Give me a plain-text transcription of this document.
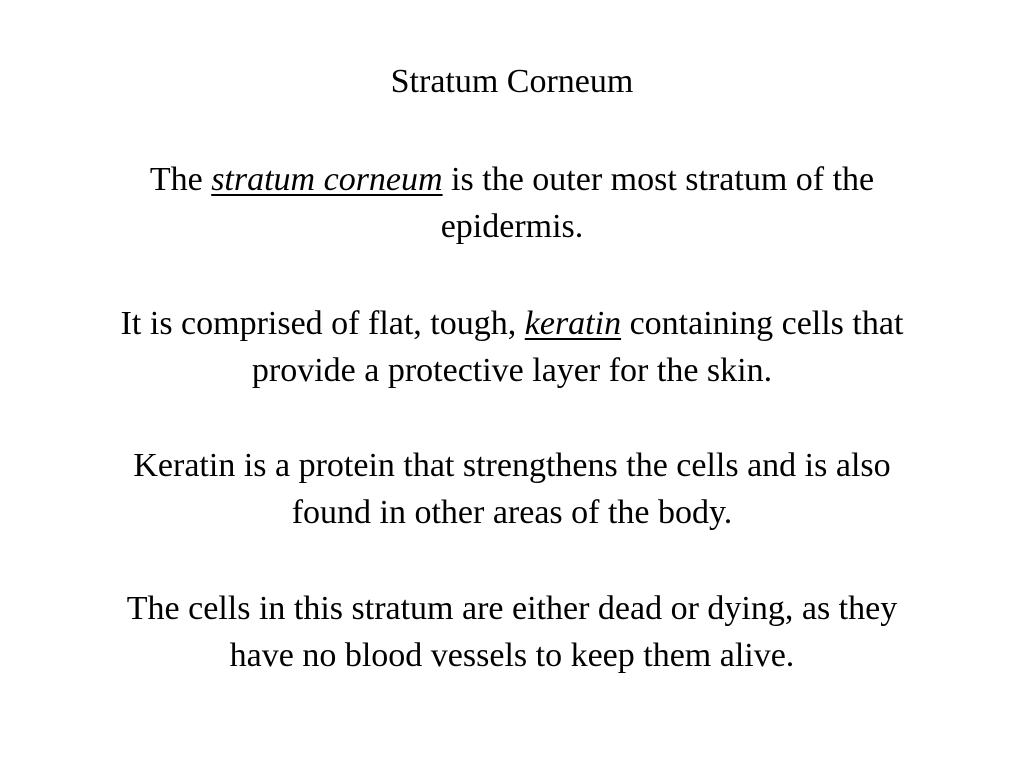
Stratum Corneum

The stratum corneum is the outer most stratum of the epidermis.

It is comprised of flat, tough, keratin containing cells that provide a protective layer for the skin.

Keratin is a protein that strengthens the cells and is also found in other areas of the body.

The cells in this stratum are either dead or dying, as they have no blood vessels to keep them alive.
